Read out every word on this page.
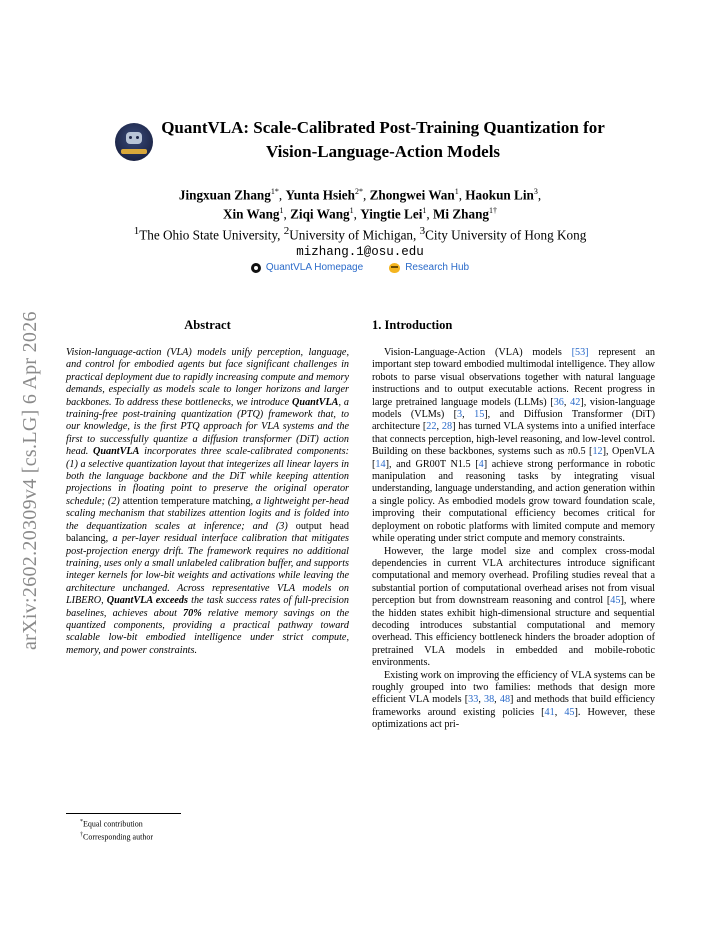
arXiv:2602.20309v4 [cs.LG] 6 Apr 2026
QuantVLA: Scale-Calibrated Post-Training Quantization for
Vision-Language-Action Models
Jingxuan Zhang$^{1*}$, Yunta Hsieh$^{2*}$, Zhongwei Wan$^1$, Haokun Lin$^3$,
Xin Wang$^1$, Ziqi Wang$^1$, Yingtie Lei$^1$, Mi Zhang$^{1\dagger}$
$^1$The Ohio State University, $^2$University of Michigan, $^3$City University of Hong Kong
mizhang.1@osu.edu
QuantVLA Homepage	Research Hub
Abstract
Vision-language-action (VLA) models unify perception, language, and control for embodied agents but face significant challenges in practical deployment due to rapidly increasing compute and memory demands, especially as models scale to longer horizons and larger backbones. To address these bottlenecks, we introduce QuantVLA, a training-free post-training quantization (PTQ) framework that, to our knowledge, is the first PTQ approach for VLA systems and the first to successfully quantize a diffusion transformer (DiT) action head. QuantVLA incorporates three scale-calibrated components: (1) a selective quantization layout that integerizes all linear layers in both the language backbone and the DiT while keeping attention projections in floating point to preserve the original operator schedule; (2) attention temperature matching, a lightweight per-head scaling mechanism that stabilizes attention logits and is folded into the dequantization scales at inference; and (3) output head balancing, a per-layer residual interface calibration that mitigates post-projection energy drift. The framework requires no additional training, uses only a small unlabeled calibration buffer, and supports integer kernels for low-bit weights and activations while leaving the architecture unchanged. Across representative VLA models on LIBERO, QuantVLA exceeds the task success rates of full-precision baselines, achieves about 70% relative memory savings on the quantized components, providing a practical pathway toward scalable low-bit embodied intelligence under strict compute, memory, and power constraints.
1. Introduction

Vision-Language-Action (VLA) models [53] represent an important step toward embodied multimodal intelligence. They allow robots to parse visual observations together with natural language instructions and to output executable actions. Recent progress in large pretrained language models (LLMs) [36, 42], vision-language models (VLMs) [3, 15], and Diffusion Transformer (DiT) architecture [22, 28] has turned VLA systems into a unified interface that connects perception, high-level reasoning, and low-level control. Building on these backbones, systems such as π0.5 [12], OpenVLA [14], and GR00T N1.5 [4] achieve strong performance in robotic manipulation and reasoning tasks by integrating visual understanding, language understanding, and action generation within a single policy. As embodied models grow toward foundation scale, improving their computational efficiency becomes critical for deployment on robotic platforms with limited compute and memory while operating under strict compute and memory constraints.

However, the large model size and complex cross-modal dependencies in current VLA architectures introduce significant computational and memory overhead. Profiling studies reveal that a substantial portion of computational overhead arises not from visual perception but from downstream reasoning and control [45], where the hidden states exhibit high-dimensional structure and sequential decoding introduces substantial computational and memory overhead. This efficiency bottleneck hinders the broader adoption of pretrained VLA models in embedded and mobile-robotic environments.

Existing work on improving the efficiency of VLA systems can be roughly grouped into two families: methods that design more efficient VLA models [33, 38, 48] and methods that build efficiency frameworks around existing policies [41, 45]. However, these optimizations act pri-

*Equal contribution
†Corresponding author
